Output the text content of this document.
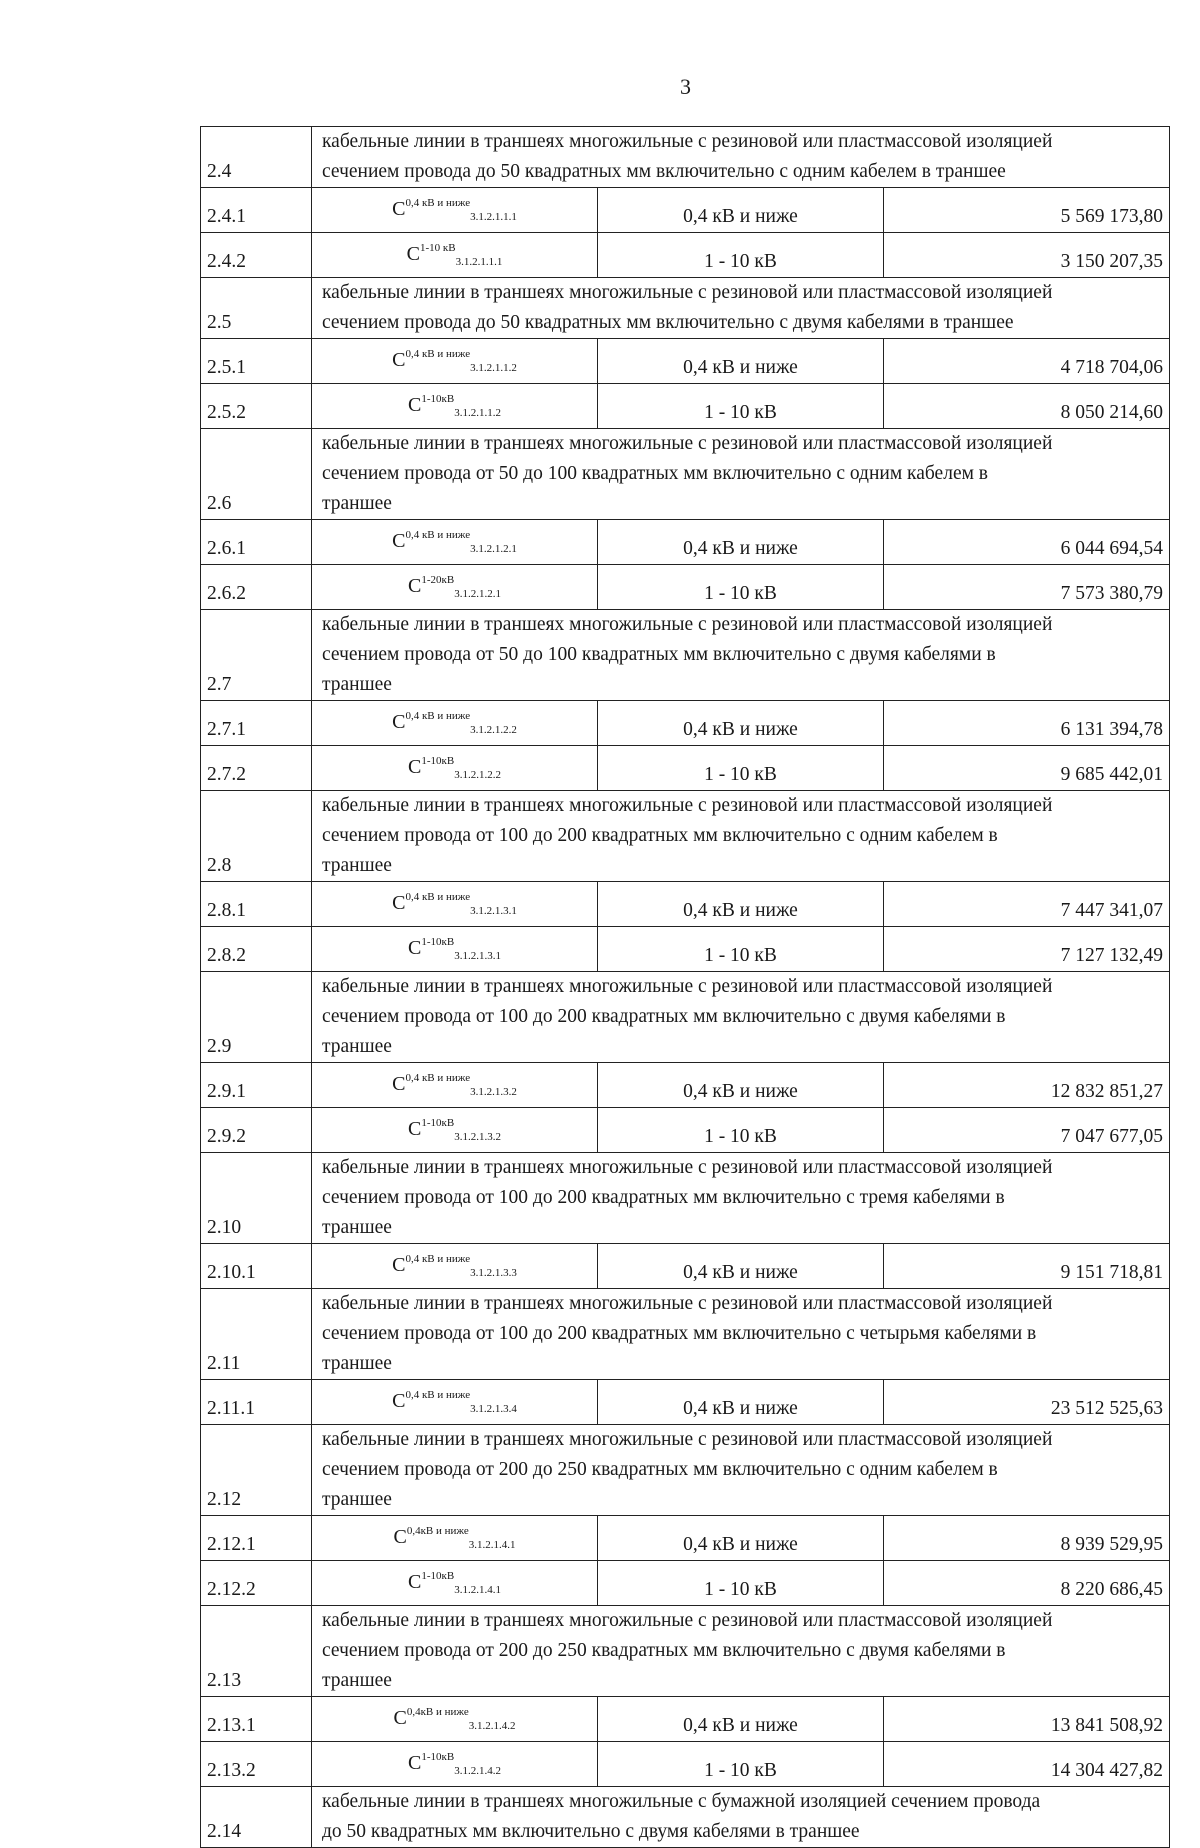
3
2.4	кабельные линии в траншеях многожильные с резиновой или пластмассовой изоляцией
сечением провода до 50 квадратных мм включительно с одним кабелем в траншее		

2.4.1	$C^{0,4 кВ и ниже}_{3.1.2.1.1.1}$	0,4 кВ и ниже	5 569 173,80
2.4.2	$C^{1-10 кВ}_{3.1.2.1.1.1}$	1 - 10 кВ	3 150 207,35
2.5	кабельные линии в траншеях многожильные с резиновой или пластмассовой изоляцией
сечением провода до 50 квадратных мм включительно с двумя кабелями в траншее		

2.5.1	$C^{0,4 кВ и ниже}_{3.1.2.1.1.2}$	0,4 кВ и ниже	4 718 704,06
2.5.2	$C^{1-10кВ}_{3.1.2.1.1.2}$	1 - 10 кВ	8 050 214,60
2.6	кабельные линии в траншеях многожильные с резиновой или пластмассовой изоляцией
сечением провода от 50 до 100 квадратных мм включительно с одним кабелем в
траншее		

2.6.1	$C^{0,4 кВ и ниже}_{3.1.2.1.2.1}$	0,4 кВ и ниже	6 044 694,54
2.6.2	$C^{1-20кВ}_{3.1.2.1.2.1}$	1 - 10 кВ	7 573 380,79
2.7	кабельные линии в траншеях многожильные с резиновой или пластмассовой изоляцией
сечением провода от 50 до 100 квадратных мм включительно с двумя кабелями в
траншее		

2.7.1	$C^{0,4 кВ и ниже}_{3.1.2.1.2.2}$	0,4 кВ и ниже	6 131 394,78
2.7.2	$C^{1-10кВ}_{3.1.2.1.2.2}$	1 - 10 кВ	9 685 442,01
2.8	кабельные линии в траншеях многожильные с резиновой или пластмассовой изоляцией
сечением провода от 100 до 200 квадратных мм включительно с одним кабелем в
траншее		

2.8.1	$C^{0,4 кВ и ниже}_{3.1.2.1.3.1}$	0,4 кВ и ниже	7 447 341,07
2.8.2	$C^{1-10кВ}_{3.1.2.1.3.1}$	1 - 10 кВ	7 127 132,49
2.9	кабельные линии в траншеях многожильные с резиновой или пластмассовой изоляцией
сечением провода от 100 до 200 квадратных мм включительно с двумя кабелями в
траншее		

2.9.1	$C^{0,4 кВ и ниже}_{3.1.2.1.3.2}$	0,4 кВ и ниже	12 832 851,27
2.9.2	$C^{1-10кВ}_{3.1.2.1.3.2}$	1 - 10 кВ	7 047 677,05
2.10	кабельные линии в траншеях многожильные с резиновой или пластмассовой изоляцией
сечением провода от 100 до 200 квадратных мм включительно с тремя кабелями в
траншее		

2.10.1	$C^{0,4 кВ и ниже}_{3.1.2.1.3.3}$	0,4 кВ и ниже	9 151 718,81
2.11	кабельные линии в траншеях многожильные с резиновой или пластмассовой изоляцией
сечением провода от 100 до 200 квадратных мм включительно с четырьмя кабелями в
траншее		

2.11.1	$C^{0,4 кВ и ниже}_{3.1.2.1.3.4}$	0,4 кВ и ниже	23 512 525,63
2.12	кабельные линии в траншеях многожильные с резиновой или пластмассовой изоляцией
сечением провода от 200 до 250 квадратных мм включительно с одним кабелем в
траншее		

2.12.1	$C^{0,4кВ и ниже}_{3.1.2.1.4.1}$	0,4 кВ и ниже	8 939 529,95
2.12.2	$C^{1-10кВ}_{3.1.2.1.4.1}$	1 - 10 кВ	8 220 686,45
2.13	кабельные линии в траншеях многожильные с резиновой или пластмассовой изоляцией
сечением провода от 200 до 250 квадратных мм включительно с двумя кабелями в
траншее		

2.13.1	$C^{0,4кВ и ниже}_{3.1.2.1.4.2}$	0,4 кВ и ниже	13 841 508,92
2.13.2	$C^{1-10кВ}_{3.1.2.1.4.2}$	1 - 10 кВ	14 304 427,82
2.14	кабельные линии в траншеях многожильные с бумажной изоляцией сечением провода
до 50 квадратных мм включительно с двумя кабелями в траншее		
